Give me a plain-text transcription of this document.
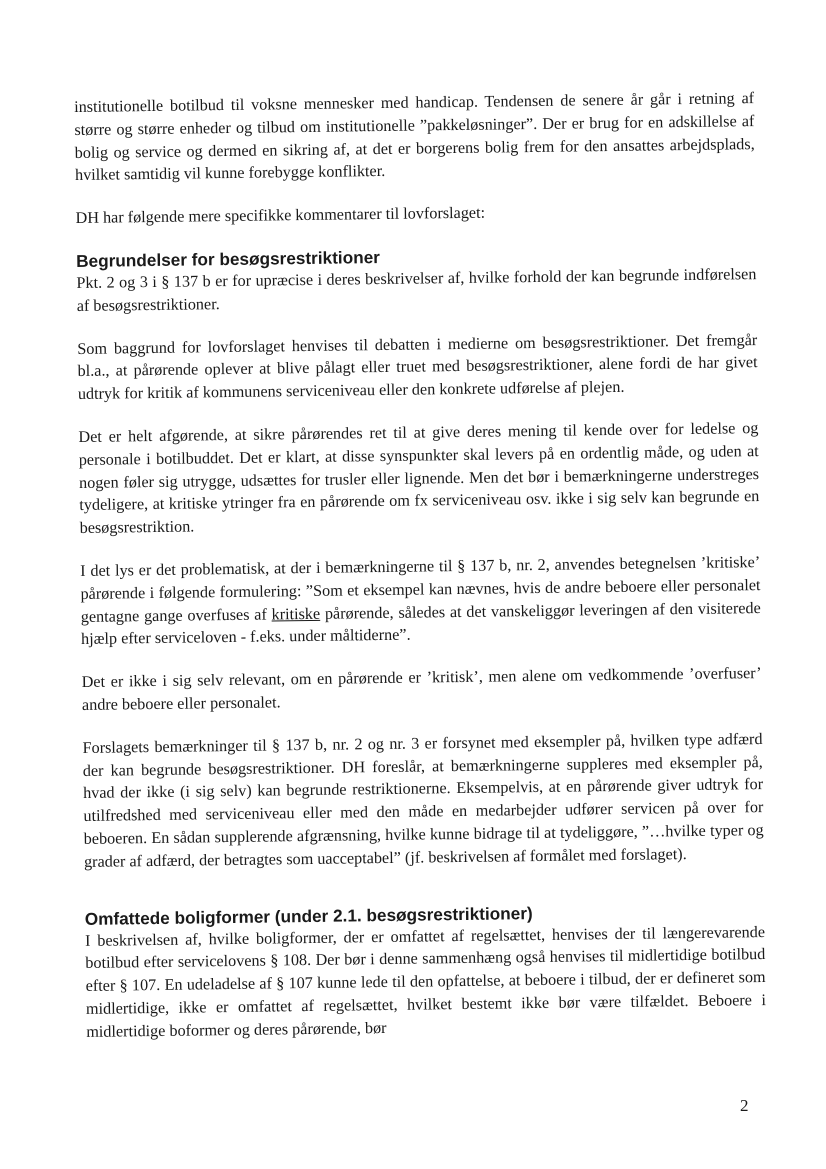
institutionelle botilbud til voksne mennesker med handicap. Tendensen de senere år går i retning af større og større enheder og tilbud om institutionelle ”pakkeløsninger”. Der er brug for en adskillelse af bolig og service og dermed en sikring af, at det er borgerens bolig frem for den ansattes arbejdsplads, hvilket samtidig vil kunne forebygge konflikter.

DH har følgende mere specifikke kommentarer til lovforslaget:

Begrundelser for besøgsrestriktioner

Pkt. 2 og 3 i § 137 b er for upræcise i deres beskrivelser af, hvilke forhold der kan begrunde indførelsen af besøgsrestriktioner.

Som baggrund for lovforslaget henvises til debatten i medierne om besøgsrestriktioner. Det fremgår bl.a., at pårørende oplever at blive pålagt eller truet med besøgsrestriktioner, alene fordi de har givet udtryk for kritik af kommunens serviceniveau eller den konkrete udførelse af plejen.

Det er helt afgørende, at sikre pårørendes ret til at give deres mening til kende over for ledelse og personale i botilbuddet. Det er klart, at disse synspunkter skal levers på en ordentlig måde, og uden at nogen føler sig utrygge, udsættes for trusler eller lignende. Men det bør i bemærkningerne understreges tydeligere, at kritiske ytringer fra en pårørende om fx serviceniveau osv. ikke i sig selv kan begrunde en besøgsrestriktion.

I det lys er det problematisk, at der i bemærkningerne til § 137 b, nr. 2, anvendes betegnelsen ’kritiske’ pårørende i følgende formulering: ”Som et eksempel kan nævnes, hvis de andre beboere eller personalet gentagne gange overfuses af kritiske pårørende, således at det vanskeliggør leveringen af den visiterede hjælp efter serviceloven - f.eks. under måltiderne”.

Det er ikke i sig selv relevant, om en pårørende er ’kritisk’, men alene om vedkommende ’overfuser’ andre beboere eller personalet.

Forslagets bemærkninger til § 137 b, nr. 2 og nr. 3 er forsynet med eksempler på, hvilken type adfærd der kan begrunde besøgsrestriktioner. DH foreslår, at bemærkningerne suppleres med eksempler på, hvad der ikke (i sig selv) kan begrunde restriktionerne. Eksempelvis, at en pårørende giver udtryk for utilfredshed med serviceniveau eller med den måde en medarbejder udfører servicen på over for beboeren. En sådan supplerende afgrænsning, hvilke kunne bidrage til at tydeliggøre, ”…hvilke typer og grader af adfærd, der betragtes som uacceptabel” (jf. beskrivelsen af formålet med forslaget).

Omfattede boligformer (under 2.1. besøgsrestriktioner)

I beskrivelsen af, hvilke boligformer, der er omfattet af regelsættet, henvises der til længerevarende botilbud efter servicelovens § 108. Der bør i denne sammenhæng også henvises til midlertidige botilbud efter § 107. En udeladelse af § 107 kunne lede til den opfattelse, at beboere i tilbud, der er defineret som midlertidige, ikke er omfattet af regelsættet, hvilket bestemt ikke bør være tilfældet. Beboere i midlertidige boformer og deres pårørende, bør

2
